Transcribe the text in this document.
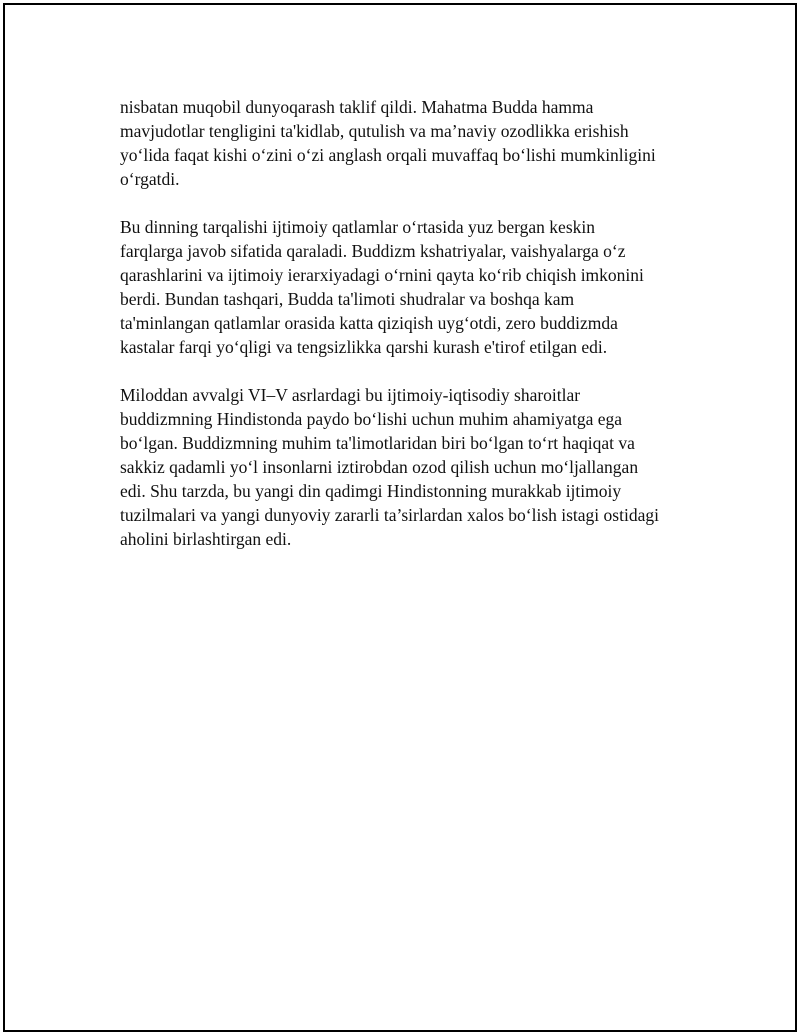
nisbatan muqobil dunyoqarash taklif qildi. Mahatma Budda hamma
mavjudotlar tengligini ta'kidlab, qutulish va ma’naviy ozodlikka erishish
yo‘lida faqat kishi o‘zini o‘zi anglash orqali muvaffaq bo‘lishi mumkinligini
o‘rgatdi.

Bu dinning tarqalishi ijtimoiy qatlamlar o‘rtasida yuz bergan keskin
farqlarga javob sifatida qaraladi. Buddizm kshatriyalar, vaishyalarga o‘z
qarashlarini va ijtimoiy ierarxiyadagi o‘rnini qayta ko‘rib chiqish imkonini
berdi. Bundan tashqari, Budda ta'limoti shudralar va boshqa kam
ta'minlangan qatlamlar orasida katta qiziqish uyg‘otdi, zero buddizmda
kastalar farqi yo‘qligi va tengsizlikka qarshi kurash e'tirof etilgan edi.

Miloddan avvalgi VI–V asrlardagi bu ijtimoiy-iqtisodiy sharoitlar
buddizmning Hindistonda paydo bo‘lishi uchun muhim ahamiyatga ega
bo‘lgan. Buddizmning muhim ta'limotlaridan biri bo‘lgan to‘rt haqiqat va
sakkiz qadamli yo‘l insonlarni iztirobdan ozod qilish uchun mo‘ljallangan
edi. Shu tarzda, bu yangi din qadimgi Hindistonning murakkab ijtimoiy
tuzilmalari va yangi dunyoviy zararli ta’sirlardan xalos bo‘lish istagi ostidagi
aholini birlashtirgan edi.
